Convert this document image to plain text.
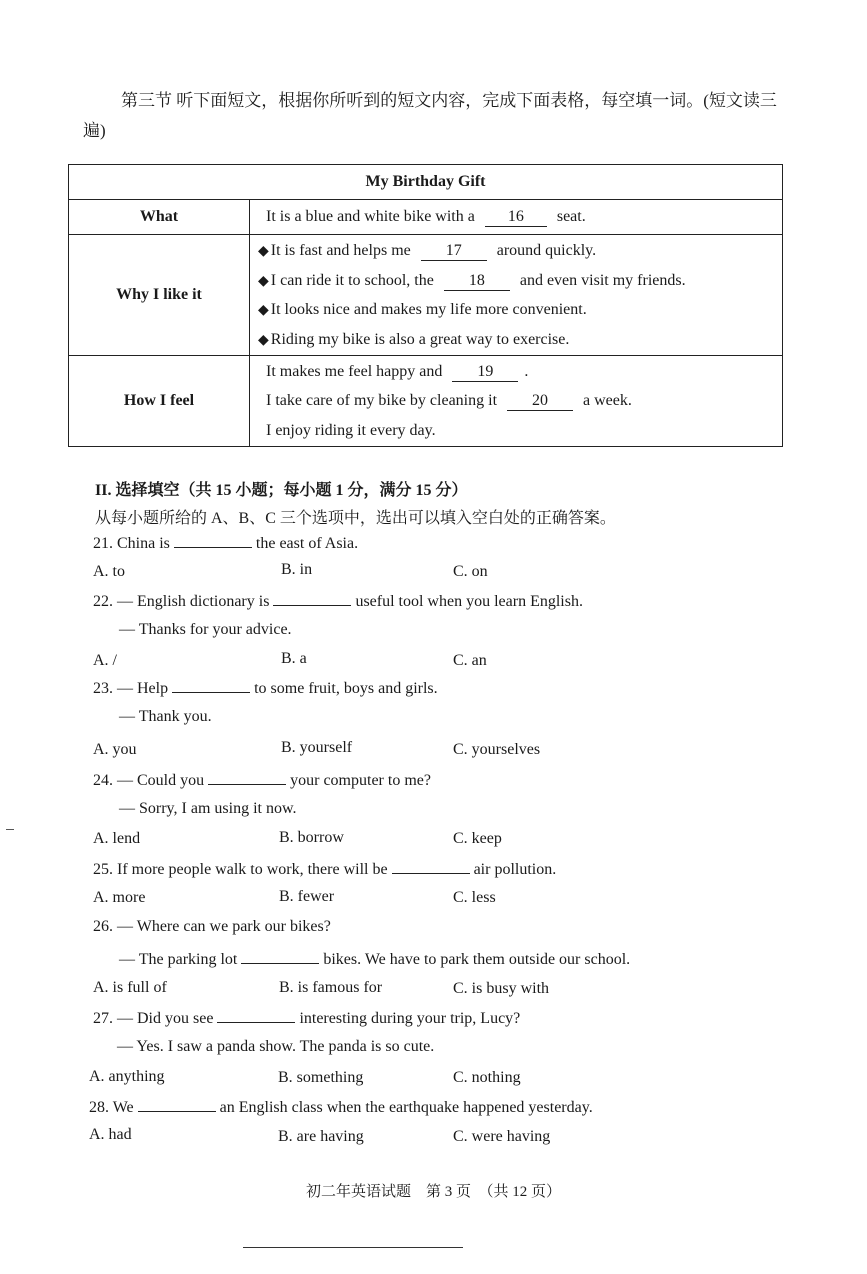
第三节 听下面短文，根据你所听到的短文内容，完成下面表格，每空填一词。(短文读三遍)
My Birthday Gift	
What	It is a blue and white bike with a 16 seat.

Why I like it	◆ It is fast and helps me 17 around quickly.
◆ I can ride it to school, the 18 and even visit my friends.
◆ It looks nice and makes my life more convenient.
◆ Riding my bike is also a great way to exercise.

How I feel	It makes me feel happy and 19 .
I take care of my bike by cleaning it 20 a week.
I enjoy riding it every day.
II. 选择填空（共 15 小题；每小题 1 分，满分 15 分）
从每小题所给的 A、B、C 三个选项中，选出可以填入空白处的正确答案。
21. China is	the east of Asia.
A. to	B. in	C. on
22. — English dictionary is	useful tool when you learn English.
— Thanks for your advice.
A. /	B. a	C. an
23. — Help	to some fruit, boys and girls.
— Thank you.
A. you	B. yourself	C. yourselves
24. — Could you	your computer to me?
— Sorry, I am using it now.
A. lend	B. borrow	C. keep
25. If more people walk to work, there will be	air pollution.
A. more	B. fewer	C. less
26. — Where can we park our bikes?
— The parking lot	bikes. We have to park them outside our school.
A. is full of	B. is famous for	C. is busy with
27. — Did you see	interesting during your trip, Lucy?
— Yes. I saw a panda show. The panda is so cute.
A. anything	B. something	C. nothing
28. We	an English class when the earthquake happened yesterday.
A. had	B. are having	C. were having
初二年英语试题　第 3 页　（共 12 页）
